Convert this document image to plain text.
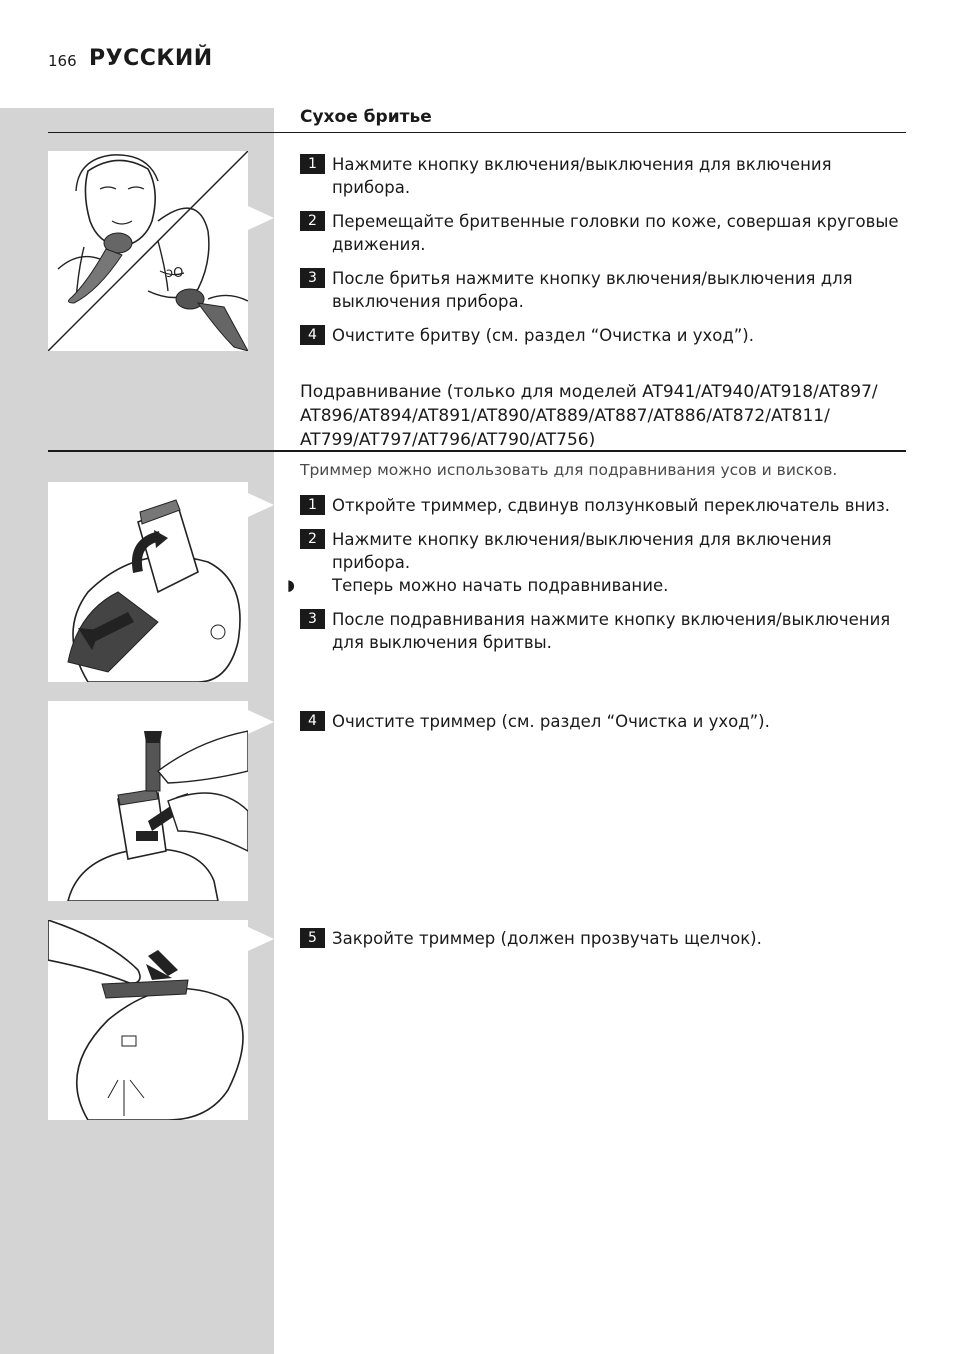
166 РУССКИЙ
Сухое бритье
ↄO
1 Нажмите кнопку включения/выключения для включения прибора.
2 Перемещайте бритвенные головки по коже, совершая круговые движения.
3 После бритья нажмите кнопку включения/выключения для выключения прибора.
4 Очистите бритву (см. раздел “Очистка и уход”).
Подравнивание (только для моделей AT941/AT940/AT918/AT897/ AT896/AT894/AT891/AT890/AT889/AT887/AT886/AT872/AT811/ AT799/AT797/AT796/AT790/AT756)
Триммер можно использовать для подравнивания усов и висков.
1 Откройте триммер, сдвинув ползунковый переключатель вниз.
2 Нажмите кнопку включения/выключения для включения прибора.
◗	Теперь можно начать подравнивание.
3 После подравнивания нажмите кнопку включения/выключения для выключения бритвы.
4 Очистите триммер (см. раздел “Очистка и уход”).
5 Закройте триммер (должен прозвучать щелчок).
